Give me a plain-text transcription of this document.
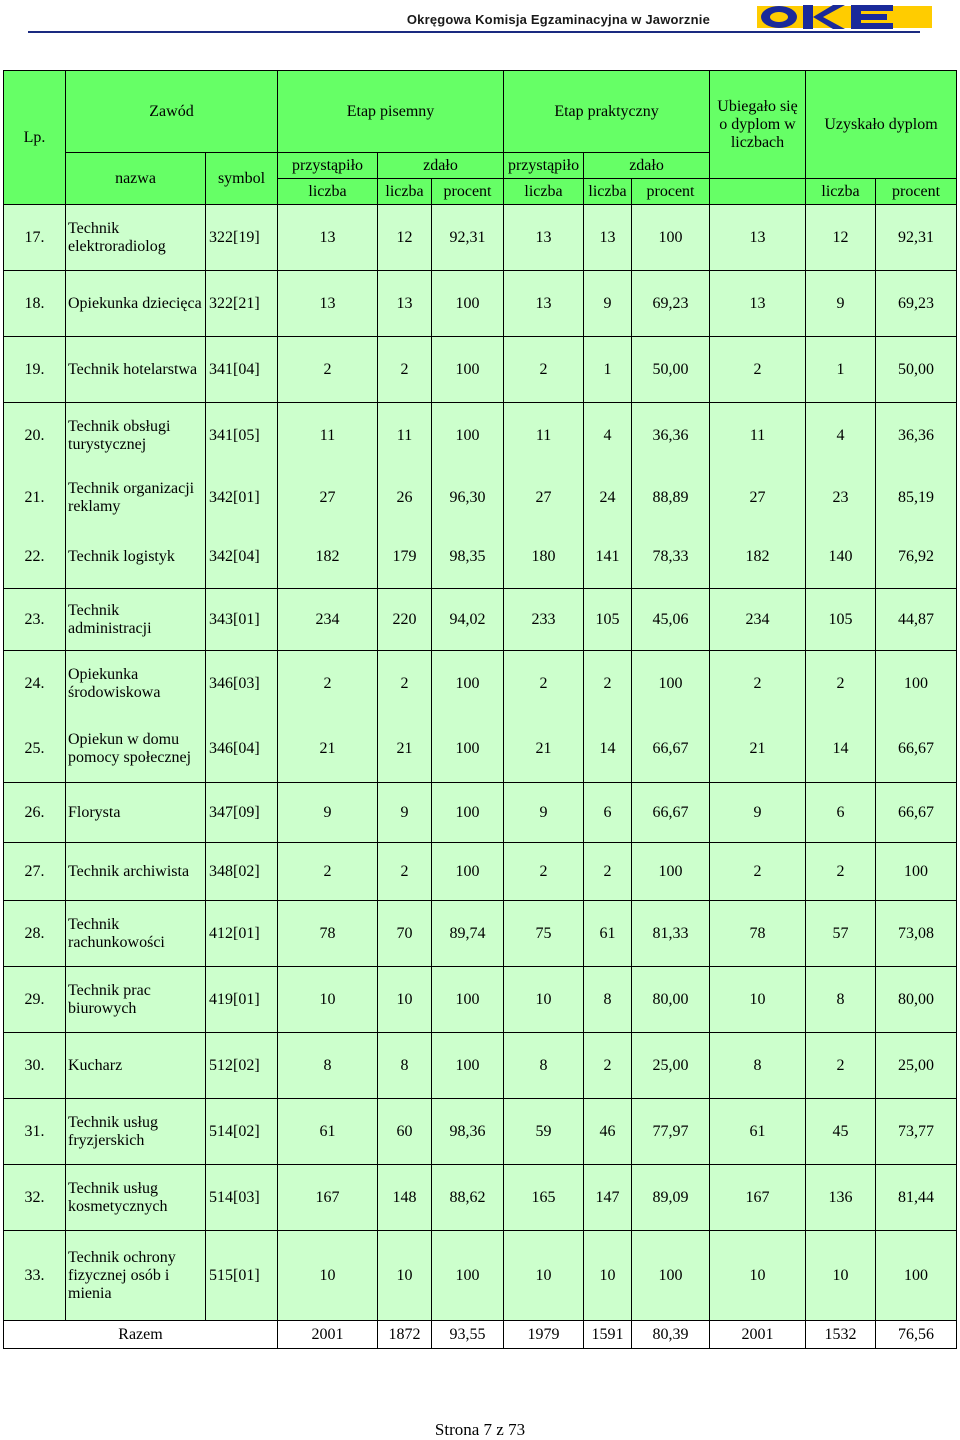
Okręgowa Komisja Egzaminacyjna w Jaworznie
Lp.	Zawód		Etap pisemny			Etap praktyczny			Ubiegało się o dyplom w liczbach	Uzyskało dyplom	
	nazwa	symbol	przystąpiło	zdało		przystąpiło	zdało				
			liczba	liczba	procent	liczba	liczba	procent		liczba	procent
17.	Technik elektroradiolog	322[19]	13	12	92,31	13	13	100	13	12	92,31
18.	Opiekunka dziecięca	322[21]	13	13	100	13	9	69,23	13	9	69,23
19.	Technik hotelarstwa	341[04]	2	2	100	2	1	50,00	2	1	50,00
20.	Technik obsługi turystycznej	341[05]	11	11	100	11	4	36,36	11	4	36,36
21.	Technik organizacji reklamy	342[01]	27	26	96,30	27	24	88,89	27	23	85,19
22.	Technik logistyk	342[04]	182	179	98,35	180	141	78,33	182	140	76,92
23.	Technik administracji	343[01]	234	220	94,02	233	105	45,06	234	105	44,87
24.	Opiekunka środowiskowa	346[03]	2	2	100	2	2	100	2	2	100
25.	Opiekun w domu pomocy społecznej	346[04]	21	21	100	21	14	66,67	21	14	66,67
26.	Florysta	347[09]	9	9	100	9	6	66,67	9	6	66,67
27.	Technik archiwista	348[02]	2	2	100	2	2	100	2	2	100
28.	Technik rachunkowości	412[01]	78	70	89,74	75	61	81,33	78	57	73,08
29.	Technik prac biurowych	419[01]	10	10	100	10	8	80,00	10	8	80,00
30.	Kucharz	512[02]	8	8	100	8	2	25,00	8	2	25,00
31.	Technik usług fryzjerskich	514[02]	61	60	98,36	59	46	77,97	61	45	73,77
32.	Technik usług kosmetycznych	514[03]	167	148	88,62	165	147	89,09	167	136	81,44
33.	Technik ochrony fizycznej osób i mienia	515[01]	10	10	100	10	10	100	10	10	100
Razem			2001	1872	93,55	1979	1591	80,39	2001	1532	76,56
Strona 7 z 73
